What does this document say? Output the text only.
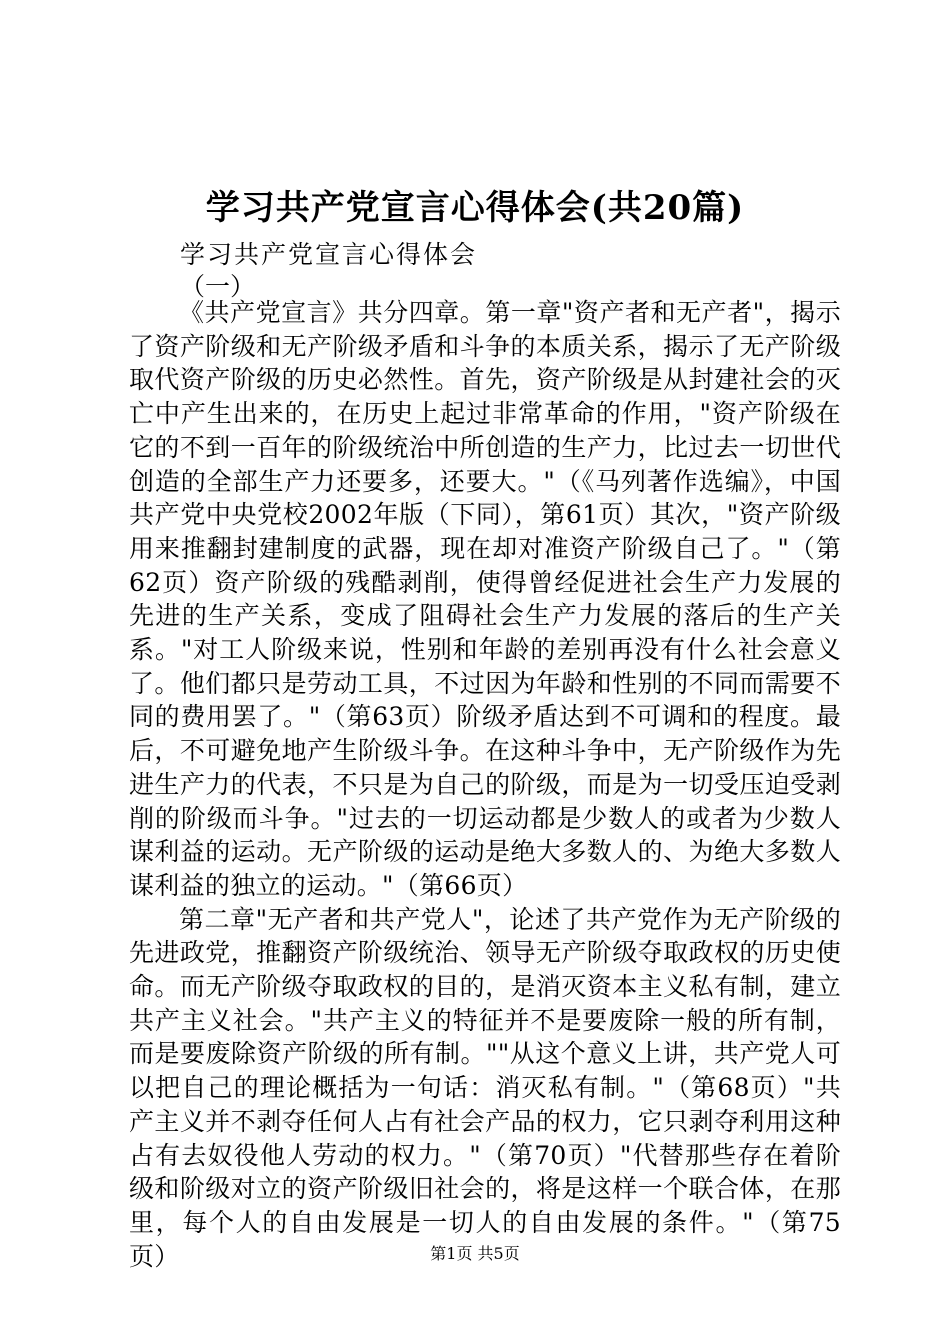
学习共产党宣言心得体会(共20篇)
学习共产党宣言心得体会
（一）

《共产党宣言》共分四章。第一章"资产者和无产者"，揭示了资产阶级和无产阶级矛盾和斗争的本质关系，揭示了无产阶级取代资产阶级的历史必然性。首先，资产阶级是从封建社会的灭亡中产生出来的，在历史上起过非常革命的作用，"资产阶级在它的不到一百年的阶级统治中所创造的生产力，比过去一切世代创造的全部生产力还要多，还要大。"（《马列著作选编》，中国共产党中央党校2002年版（下同），第61页）其次，"资产阶级用来推翻封建制度的武器，现在却对准资产阶级自己了。"（第62页）资产阶级的残酷剥削，使得曾经促进社会生产力发展的先进的生产关系，变成了阻碍社会生产力发展的落后的生产关系。"对工人阶级来说，性别和年龄的差别再没有什么社会意义了。他们都只是劳动工具，不过因为年龄和性别的不同而需要不同的费用罢了。"（第63页）阶级矛盾达到不可调和的程度。最后，不可避免地产生阶级斗争。在这种斗争中，无产阶级作为先进生产力的代表，不只是为自己的阶级，而是为一切受压迫受剥削的阶级而斗争。"过去的一切运动都是少数人的或者为少数人谋利益的运动。无产阶级的运动是绝大多数人的、为绝大多数人谋利益的独立的运动。"（第66页）

第二章"无产者和共产党人"，论述了共产党作为无产阶级的先进政党，推翻资产阶级统治、领导无产阶级夺取政权的历史使命。而无产阶级夺取政权的目的，是消灭资本主义私有制，建立共产主义社会。"共产主义的特征并不是要废除一般的所有制，而是要废除资产阶级的所有制。""从这个意义上讲，共产党人可以把自己的理论概括为一句话：消灭私有制。"（第68页）"共产主义并不剥夺任何人占有社会产品的权力，它只剥夺利用这种占有去奴役他人劳动的权力。"（第70页）"代替那些存在着阶级和阶级对立的资产阶级旧社会的，将是这样一个联合体，在那里，每个人的自由发展是一切人的自由发展的条件。"（第75页）	第1页 共5页
